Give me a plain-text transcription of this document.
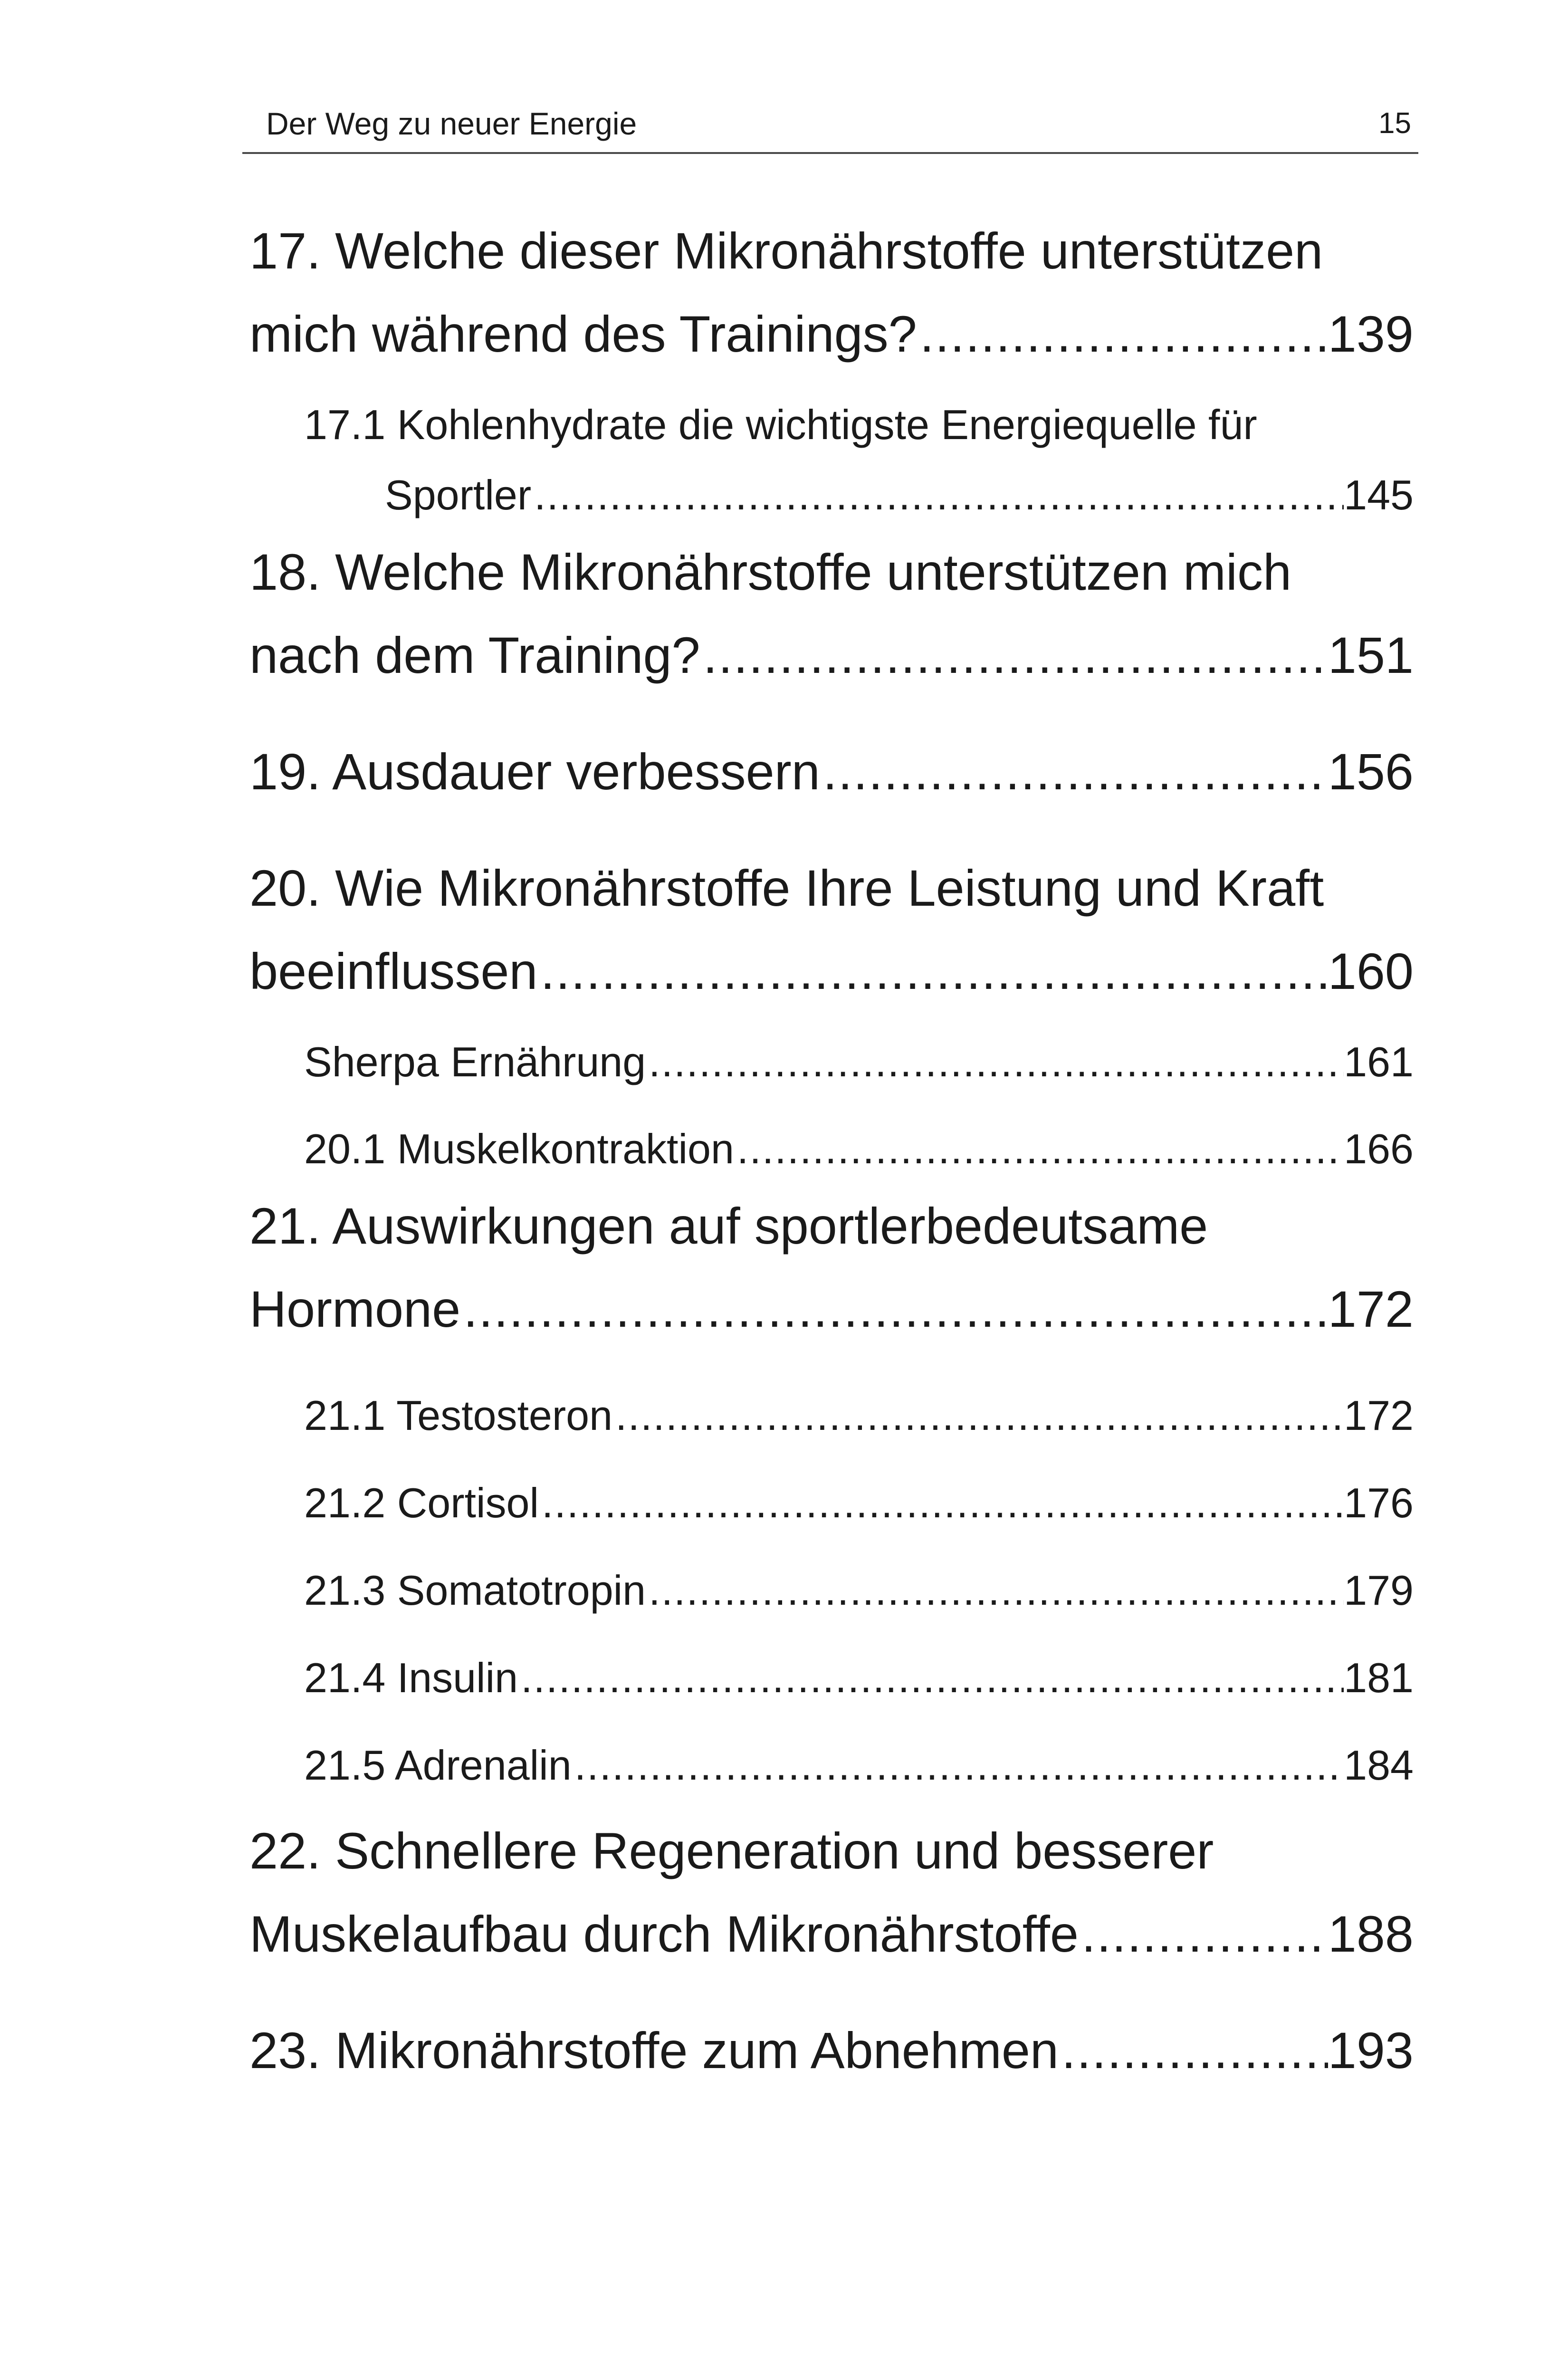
Der Weg zu neuer Energie	15
17. Welche dieser Mikronährstoffe unterstützen
mich während des Trainings? .....	139
17.1 Kohlenhydrate die wichtigste Energiequelle für
Sportler .....	145
18. Welche Mikronährstoffe unterstützen mich
nach dem Training? .....	151
19. Ausdauer verbessern .....	156
20. Wie Mikronährstoffe Ihre Leistung und Kraft
beeinflussen .....	160
Sherpa Ernährung .....	161
20.1 Muskelkontraktion .....	166
21. Auswirkungen auf sportlerbedeutsame
Hormone .....	172
21.1 Testosteron .....	172
21.2 Cortisol .....	176
21.3 Somatotropin .....	179
21.4 Insulin .....	181
21.5 Adrenalin .....	184
22. Schnellere Regeneration und besserer
Muskelaufbau durch Mikronährstoffe .....	188
23. Mikronährstoffe zum Abnehmen .....	193
